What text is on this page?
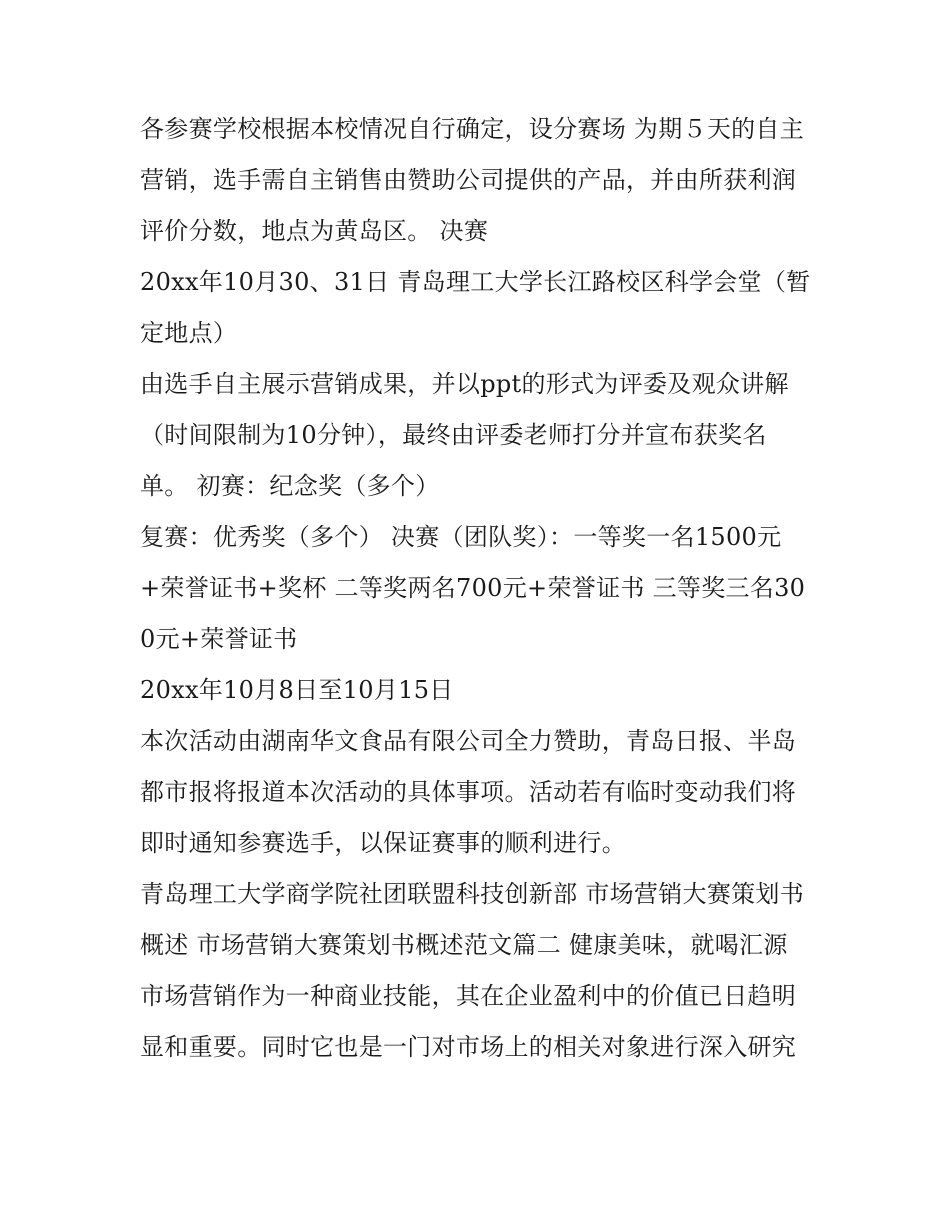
各参赛学校根据本校情况自行确定，设分赛场 为期５天的自主营销，选手需自主销售由赞助公司提供的产品，并由所获利润评价分数，地点为黄岛区。 决赛

20xx年10月30、31日 青岛理工大学长江路校区科学会堂（暂定地点）

由选手自主展示营销成果，并以ppt的形式为评委及观众讲解（时间限制为10分钟），最终由评委老师打分并宣布获奖名单。 初赛：纪念奖（多个）

复赛：优秀奖（多个） 决赛（团队奖）：一等奖一名1500元+荣誉证书+奖杯 二等奖两名700元+荣誉证书 三等奖三名300元+荣誉证书

20xx年10月8日至10月15日

本次活动由湖南华文食品有限公司全力赞助，青岛日报、半岛都市报将报道本次活动的具体事项。活动若有临时变动我们将即时通知参赛选手，以保证赛事的顺利进行。

青岛理工大学商学院社团联盟科技创新部 市场营销大赛策划书概述 市场营销大赛策划书概述范文篇二 健康美味，就喝汇源

市场营销作为一种商业技能，其在企业盈利中的价值已日趋明显和重要。同时它也是一门对市场上的相关对象进行深入研究
